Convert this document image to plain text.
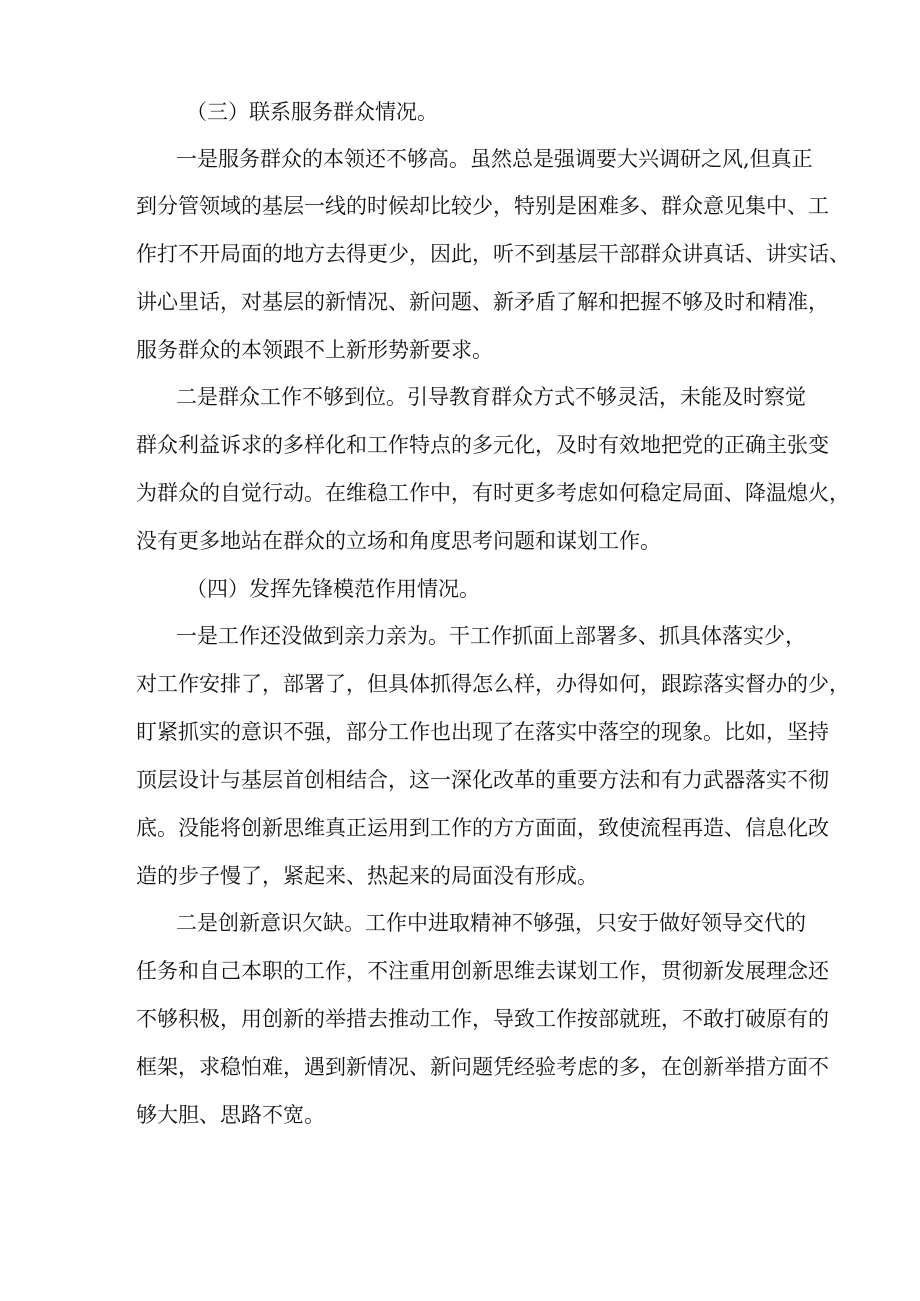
（三）联系服务群众情况。
一是服务群众的本领还不够高。虽然总是强调要大兴调研之风,但真正
到分管领域的基层一线的时候却比较少，特别是困难多、群众意见集中、工
作打不开局面的地方去得更少，因此，听不到基层干部群众讲真话、讲实话、
讲心里话，对基层的新情况、新问题、新矛盾了解和把握不够及时和精准，
服务群众的本领跟不上新形势新要求。
二是群众工作不够到位。引导教育群众方式不够灵活，未能及时察觉
群众利益诉求的多样化和工作特点的多元化，及时有效地把党的正确主张变
为群众的自觉行动。在维稳工作中，有时更多考虑如何稳定局面、降温熄火，
没有更多地站在群众的立场和角度思考问题和谋划工作。
（四）发挥先锋模范作用情况。
一是工作还没做到亲力亲为。干工作抓面上部署多、抓具体落实少，
对工作安排了，部署了，但具体抓得怎么样，办得如何，跟踪落实督办的少，
盯紧抓实的意识不强，部分工作也出现了在落实中落空的现象。比如，坚持
顶层设计与基层首创相结合，这一深化改革的重要方法和有力武器落实不彻
底。没能将创新思维真正运用到工作的方方面面，致使流程再造、信息化改
造的步子慢了，紧起来、热起来的局面没有形成。
二是创新意识欠缺。工作中进取精神不够强，只安于做好领导交代的
任务和自己本职的工作，不注重用创新思维去谋划工作，贯彻新发展理念还
不够积极，用创新的举措去推动工作，导致工作按部就班，不敢打破原有的
框架，求稳怕难，遇到新情况、新问题凭经验考虑的多，在创新举措方面不
够大胆、思路不宽。
